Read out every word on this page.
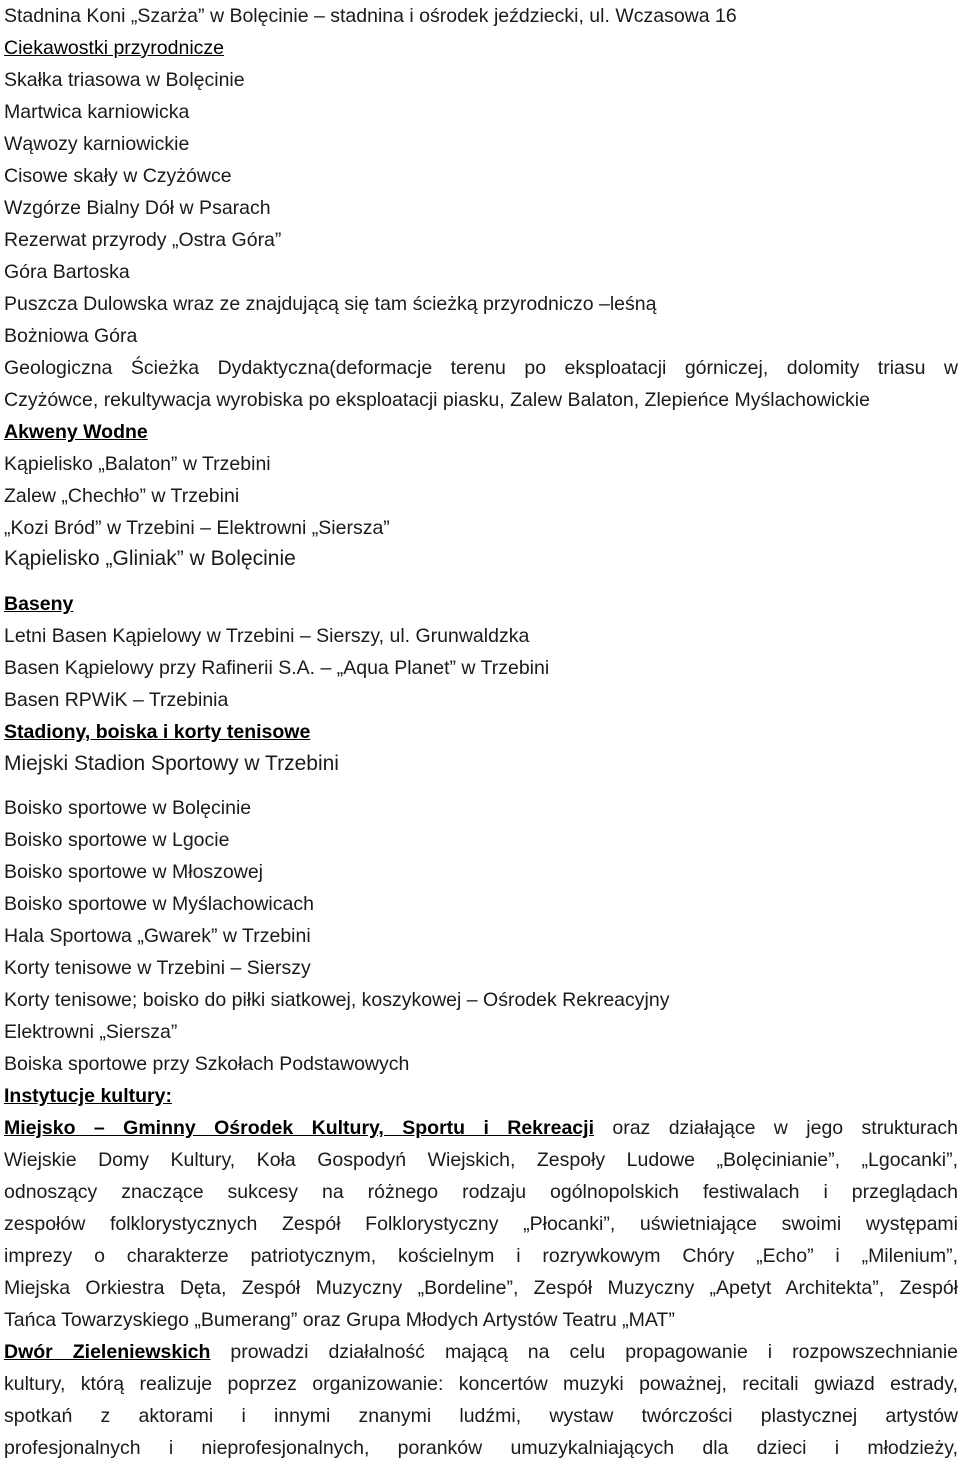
Stadnina Koni „Szarża” w Bolęcinie – stadnina i ośrodek jeździecki, ul. Wczasowa 16
Ciekawostki przyrodnicze
Skałka triasowa w Bolęcinie
Martwica karniowicka
Wąwozy karniowickie
Cisowe skały w Czyżówce
Wzgórze Bialny Dół w Psarach
Rezerwat przyrody „Ostra Góra”
Góra Bartoska
Puszcza Dulowska wraz ze znajdującą się tam ścieżką przyrodniczo –leśną
Bożniowa Góra
Geologiczna Ścieżka Dydaktyczna(deformacje terenu po eksploatacji górniczej, dolomity triasu w
Czyżówce, rekultywacja wyrobiska po eksploatacji piasku, Zalew Balaton, Zlepieńce Myślachowickie
Akweny Wodne
Kąpielisko „Balaton” w Trzebini
Zalew „Chechło” w Trzebini
„Kozi Bród” w Trzebini – Elektrowni „Siersza”
Kąpielisko „Gliniak” w Bolęcinie
Baseny
Letni Basen Kąpielowy w Trzebini – Sierszy, ul. Grunwaldzka
Basen Kąpielowy przy Rafinerii S.A. – „Aqua Planet” w Trzebini
Basen RPWiK – Trzebinia
Stadiony, boiska i korty tenisowe
Miejski Stadion Sportowy w Trzebini
Boisko sportowe w Bolęcinie
Boisko sportowe w Lgocie
Boisko sportowe w Młoszowej
Boisko sportowe w Myślachowicach
Hala Sportowa „Gwarek” w Trzebini
Korty tenisowe w Trzebini – Sierszy
Korty tenisowe; boisko do piłki siatkowej, koszykowej – Ośrodek Rekreacyjny
Elektrowni „Siersza”
Boiska sportowe przy Szkołach Podstawowych
Instytucje kultury:
Miejsko – Gminny Ośrodek Kultury, Sportu i Rekreacji oraz działające w jego strukturach
Wiejskie Domy Kultury, Koła Gospodyń Wiejskich, Zespoły Ludowe „Bolęcinianie”, „Lgocanki”,
odnoszący znaczące sukcesy na różnego rodzaju ogólnopolskich festiwalach i przeglądach
zespołów folklorystycznych Zespół Folklorystyczny „Płocanki”, uświetniające swoimi występami
imprezy o charakterze patriotycznym, kościelnym i rozrywkowym Chóry „Echo” i „Milenium”,
Miejska Orkiestra Dęta, Zespół Muzyczny „Bordeline”, Zespół Muzyczny „Apetyt Architekta”, Zespół
Tańca Towarzyskiego „Bumerang” oraz Grupa Młodych Artystów Teatru „MAT”
Dwór Zieleniewskich prowadzi działalność mającą na celu propagowanie i rozpowszechnianie
kultury, którą realizuje poprzez organizowanie: koncertów muzyki poważnej, recitali gwiazd estrady,
spotkań z aktorami i innymi znanymi ludźmi, wystaw twórczości plastycznej artystów
profesjonalnych i nieprofesjonalnych, poranków umuzykalniających dla dzieci i młodzieży,
